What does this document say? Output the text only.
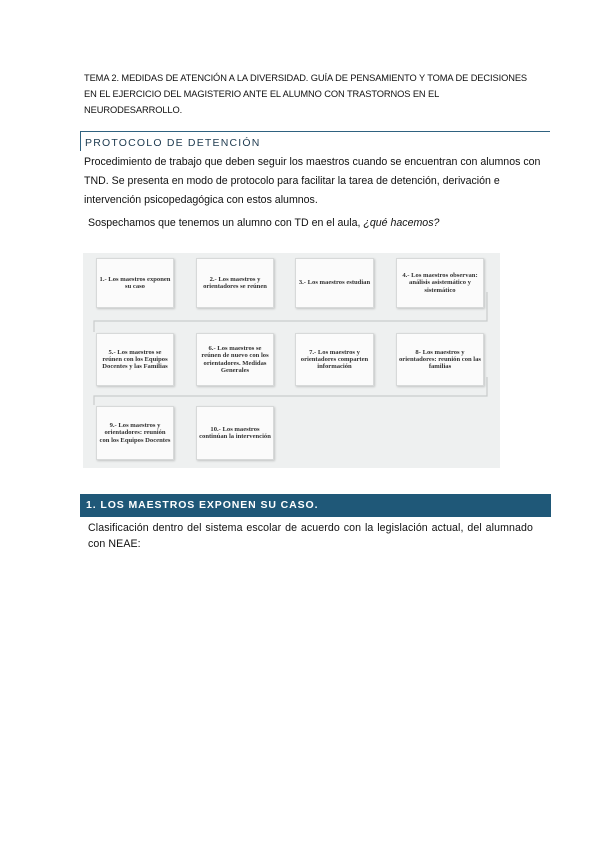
TEMA 2. MEDIDAS DE ATENCIÓN A LA DIVERSIDAD. GUÍA DE PENSAMIENTO Y TOMA DE DECISIONES EN EL EJERCICIO DEL MAGISTERIO ANTE EL ALUMNO CON TRASTORNOS EN EL NEURODESARROLLO.
PROTOCOLO DE DETENCIÓN
Procedimiento de trabajo que deben seguir los maestros cuando se encuentran con alumnos con TND. Se presenta en modo de protocolo para facilitar la tarea de detención, derivación e intervención psicopedagógica con estos alumnos.
Sospechamos que tenemos un alumno con TD en el aula, ¿qué hacemos?
1.- Los maestros exponen su caso
2.- Los maestros y orientadores se reúnen
3.- Los maestros estudian
4.- Los maestros observan: análisis asistemático y sistemático
5.- Los maestros se reúnen con los Equipos Docentes y las Familias
6.- Los maestros se reúnen de nuevo con los orientadores. Medidas Generales
7.- Los maestros y orientadores comparten información
8- Los maestros y orientadores: reunión con las familias
9.- Los maestros y orientadores: reunión con los Equipos Docentes
10.- Los maestros continúan la intervención
1. LOS MAESTROS EXPONEN SU CASO.
Clasificación dentro del sistema escolar de acuerdo con la legislación actual, del alumnado con NEAE:
